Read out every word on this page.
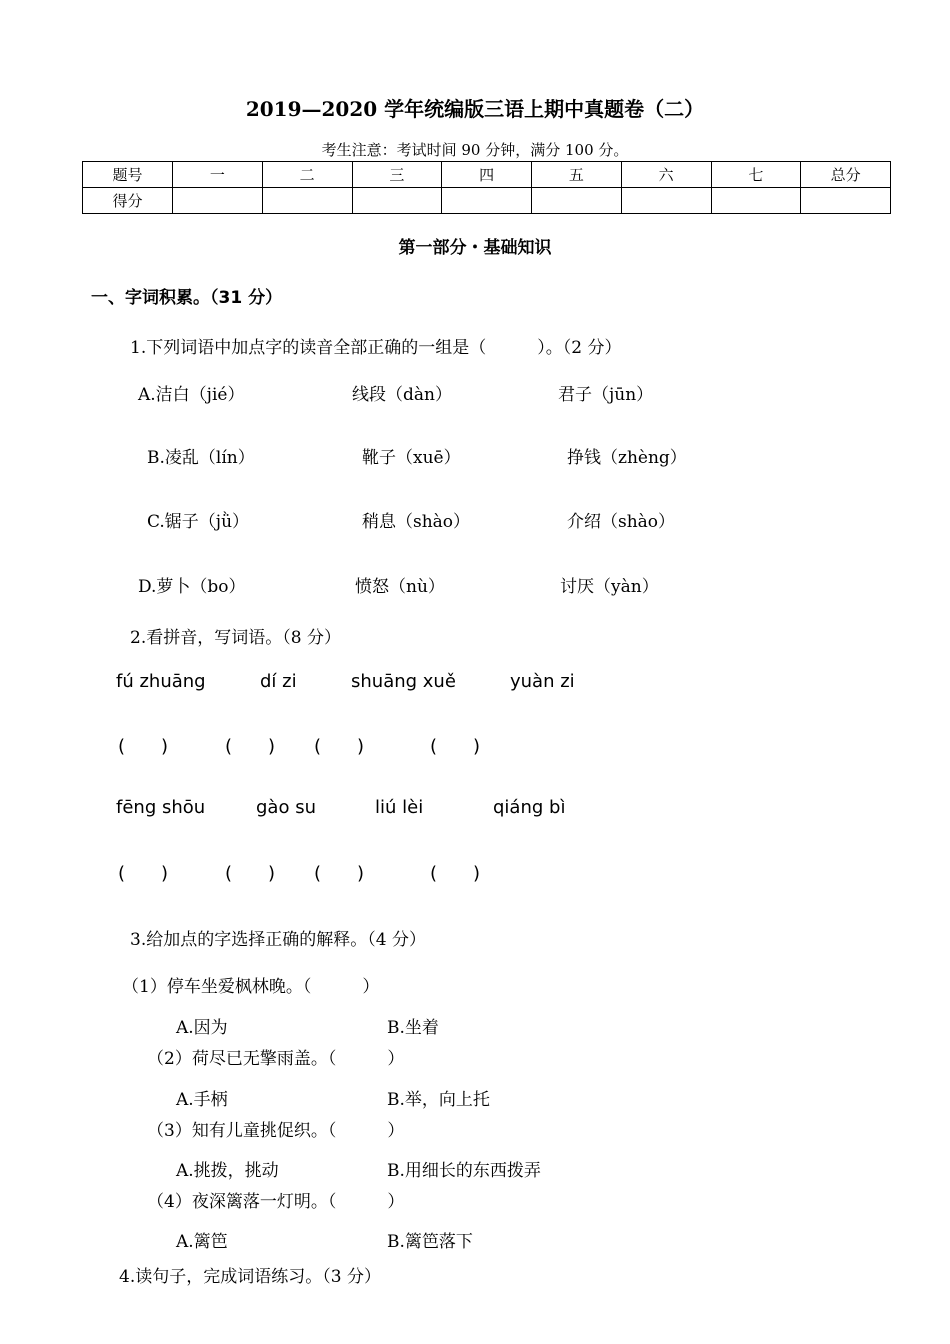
2019—2020 学年统编版三语上期中真题卷（二）
考生注意：考试时间 90 分钟，满分 100 分。
题号	一	二	三	四	五	六	七	总分
得分								
第一部分・基础知识
一、字词积累。（31 分）
1.下列词语中加点字的读音全部正确的一组是（　　　）。（2 分）
A.洁白（jié）	线段（dàn）	君子（jūn）
B.凌乱（lín）	靴子（xuē）	挣钱（zhèng）
C.锯子（jǜ）	稍息（shào）	介绍（shào）
D.萝卜（bo）	愤怒（nù）	讨厌（yàn）
2.看拼音，写词语。（8 分）
fú zhuāng	dí zi	shuāng xuě	yuàn zi
(　　)	(　　) (　　)	(　　)
fēng shōu	gào su	liú lèi	qiáng bì
(　　)	(　　) (　　)	(　　)
3.给加点的字选择正确的解释。（4 分）
（1）停车坐爱枫林晚。（　　　）
A.因为	B.坐着
（2）荷尽已无擎雨盖。（　　　）
A.手柄	B.举，向上托
（3）知有儿童挑促织。（　　　）
A.挑拨，挑动	B.用细长的东西拨弄
（4）夜深篱落一灯明。（　　　）
A.篱笆	B.篱笆落下
4.读句子，完成词语练习。（3 分）
